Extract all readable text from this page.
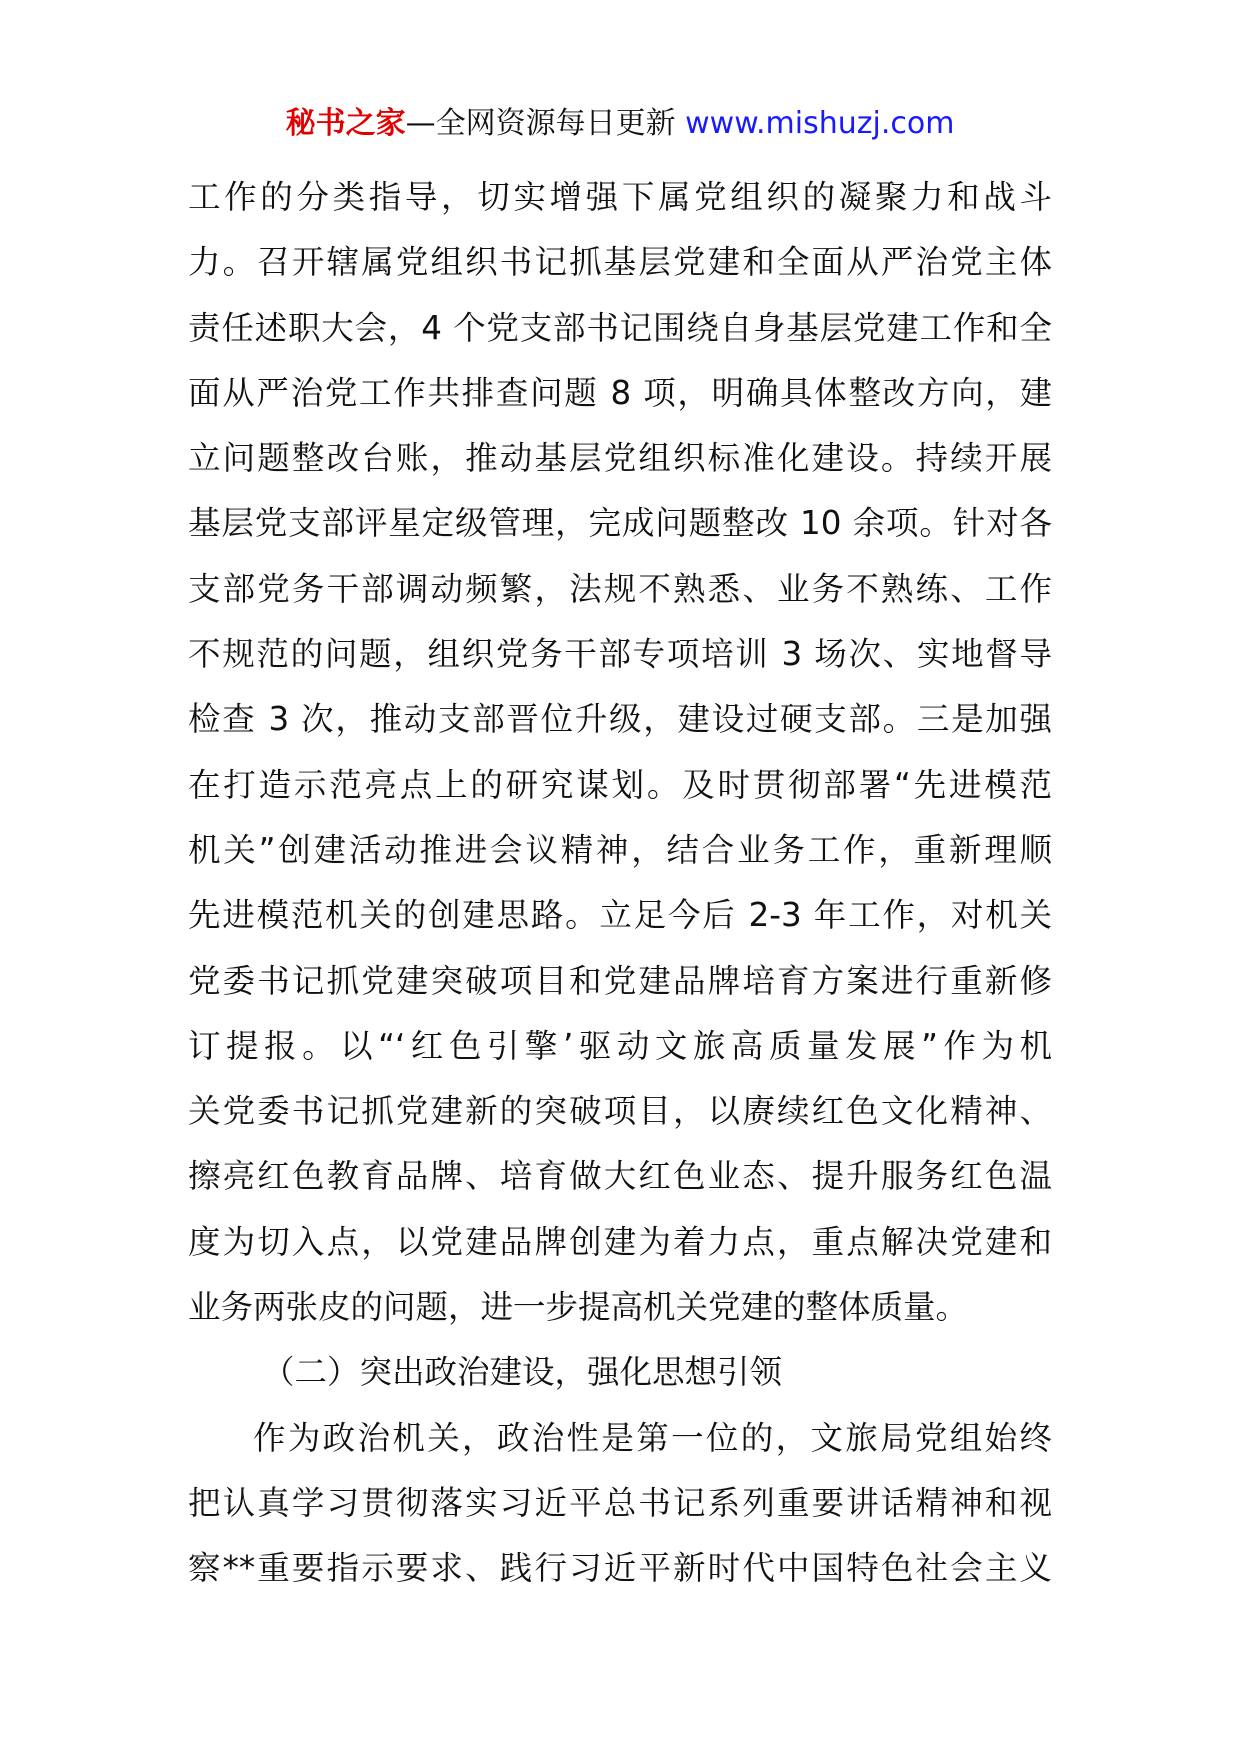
秘书之家—全网资源每日更新 www.mishuzj.com
工作的分类指导，切实增强下属党组织的凝聚力和战斗
力。召开辖属党组织书记抓基层党建和全面从严治党主体
责任述职大会，4 个党支部书记围绕自身基层党建工作和全
面从严治党工作共排查问题 8 项，明确具体整改方向，建
立问题整改台账，推动基层党组织标准化建设。持续开展
基层党支部评星定级管理，完成问题整改 10 余项。针对各
支部党务干部调动频繁，法规不熟悉、业务不熟练、工作
不规范的问题，组织党务干部专项培训 3 场次、实地督导
检查 3 次，推动支部晋位升级，建设过硬支部。三是加强
在打造示范亮点上的研究谋划。及时贯彻部署“先进模范
机关”创建活动推进会议精神，结合业务工作，重新理顺
先进模范机关的创建思路。立足今后 2-3 年工作，对机关
党委书记抓党建突破项目和党建品牌培育方案进行重新修
订提报。以“‘红色引擎’驱动文旅高质量发展”作为机
关党委书记抓党建新的突破项目，以赓续红色文化精神、
擦亮红色教育品牌、培育做大红色业态、提升服务红色温
度为切入点，以党建品牌创建为着力点，重点解决党建和
业务两张皮的问题，进一步提高机关党建的整体质量。
（二）突出政治建设，强化思想引领
作为政治机关，政治性是第一位的，文旅局党组始终
把认真学习贯彻落实习近平总书记系列重要讲话精神和视
察**重要指示要求、践行习近平新时代中国特色社会主义
